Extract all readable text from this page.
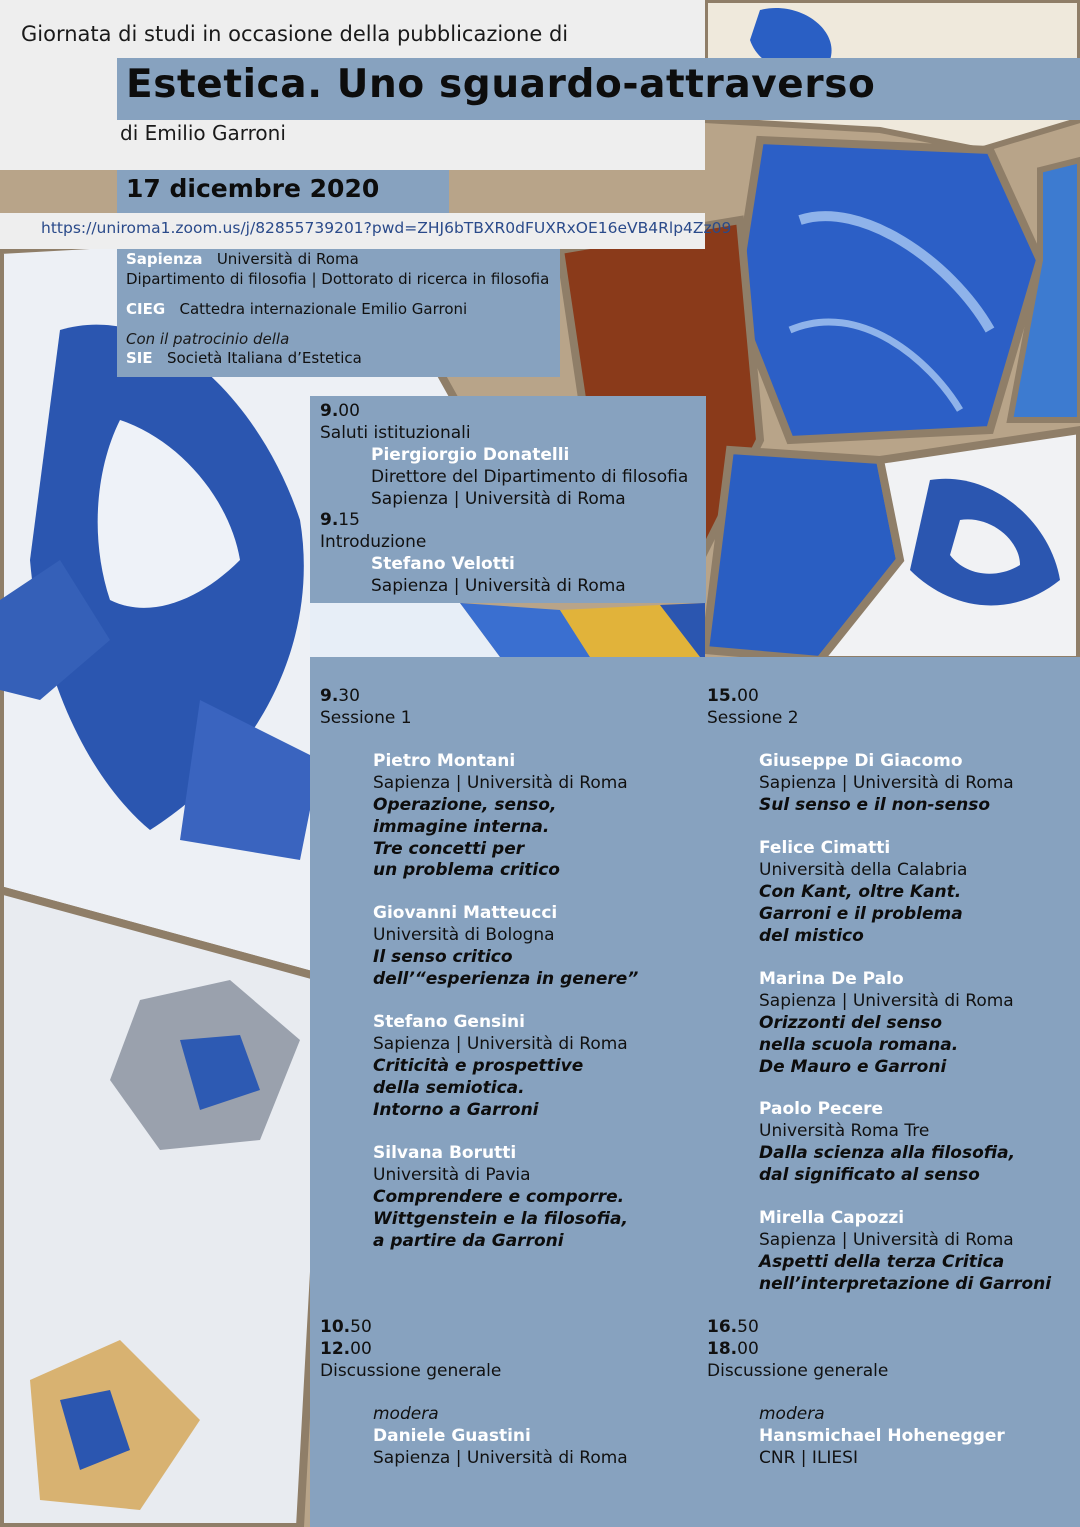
Giornata di studi in occasione della pubblicazione di

Estetica. Uno sguardo-attraverso

di Emilio Garroni

17 dicembre 2020

https://uniroma1.zoom.us/j/82855739201?pwd=ZHJ6bTBXR0dFUXRxOE16eVB4Rlp4Zz09
Sapienza Università di Roma
Dipartimento di filosofia | Dottorato di ricerca in filosofia
CIEG Cattedra internazionale Emilio Garroni
Con il patrocinio della
SIE Società Italiana d’Estetica

9.00

Saluti istituzionali

Piergiorgio Donatelli

Direttore del Dipartimento di filosofia

Sapienza | Università di Roma

9.15

Introduzione

Stefano Velotti

Sapienza | Università di Roma

9.30

Sessione 1

Pietro Montani

Sapienza | Università di Roma

Operazione, senso,
immagine interna.
Tre concetti per
un problema critico

Giovanni Matteucci

Università di Bologna

Il senso critico
dell’“esperienza in genere”

Stefano Gensini

Sapienza | Università di Roma

Criticità e prospettive
della semiotica.
Intorno a Garroni

Silvana Borutti

Università di Pavia

Comprendere e comporre.
Wittgenstein e la filosofia,
a partire da Garroni

10.50

12.00

Discussione generale

modera

Daniele Guastini

Sapienza | Università di Roma

15.00

Sessione 2

Giuseppe Di Giacomo

Sapienza | Università di Roma

Sul senso e il non-senso

Felice Cimatti

Università della Calabria

Con Kant, oltre Kant.
Garroni e il problema
del mistico

Marina De Palo

Sapienza | Università di Roma

Orizzonti del senso
nella scuola romana.
De Mauro e Garroni

Paolo Pecere

Università Roma Tre

Dalla scienza alla filosofia,
dal significato al senso

Mirella Capozzi

Sapienza | Università di Roma

Aspetti della terza Critica
nell’interpretazione di Garroni

16.50

18.00

Discussione generale

modera

Hansmichael Hohenegger

CNR | ILIESI
